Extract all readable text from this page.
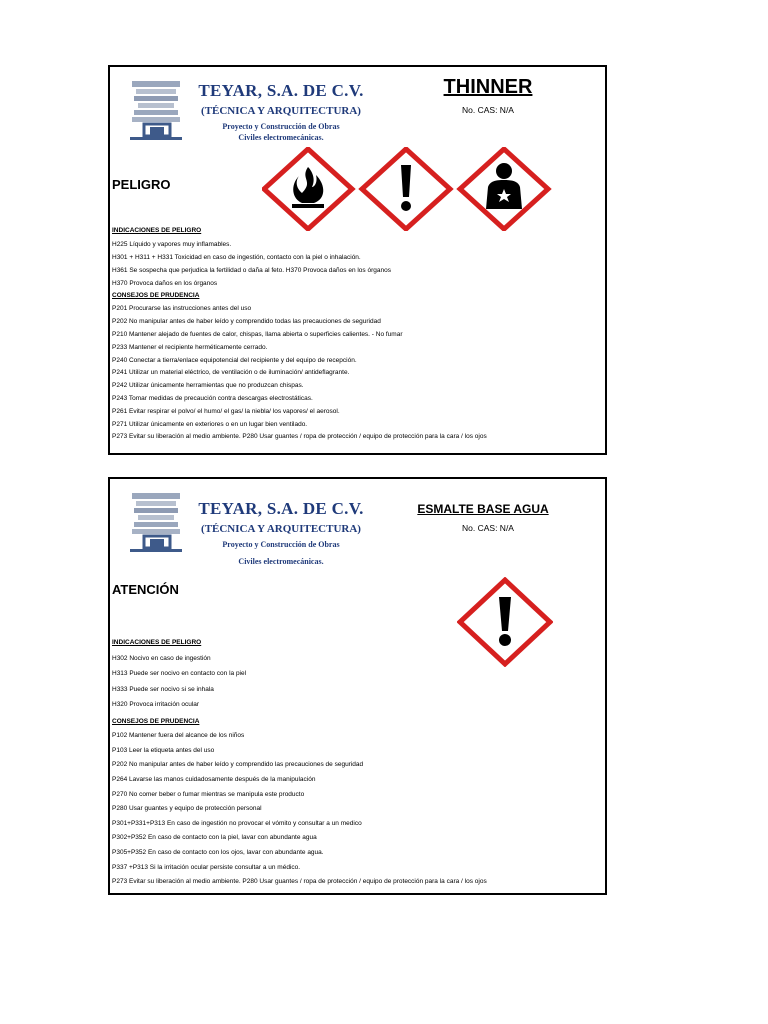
TEYAR, S.A. DE C.V.
(TÉCNICA Y ARQUITECTURA)
Proyecto y Construcción de Obras
Civiles electromecánicas.
THINNER
No. CAS: N/A
PELIGRO
INDICACIONES DE PELIGRO
H225 Líquido y vapores muy inflamables.
H301 + H311 + H331 Toxicidad en caso de ingestión, contacto con la piel o inhalación.
H361 Se sospecha que perjudica la fertilidad o daña al feto. H370 Provoca daños en los órganos
H370 Provoca daños en los órganos
CONSEJOS DE PRUDENCIA
P201 Procurarse las instrucciones antes del uso
P202 No manipular antes de haber leído y comprendido todas las precauciones de seguridad
P210 Mantener alejado de fuentes de calor, chispas, llama abierta o superficies calientes. - No fumar
P233 Mantener el recipiente herméticamente cerrado.
P240 Conectar a tierra/enlace equipotencial del recipiente y del equipo de recepción.
P241 Utilizar un material eléctrico, de ventilación o de iluminación/ antideflagrante.
P242 Utilizar únicamente herramientas que no produzcan chispas.
P243 Tomar medidas de precaución contra descargas electrostáticas.
P261 Evitar respirar el polvo/ el humo/ el gas/ la niebla/ los vapores/ el aerosol.
P271 Utilizar únicamente en exteriores o en un lugar bien ventilado.
P273 Evitar su liberación al medio ambiente. P280 Usar guantes / ropa de protección / equipo de protección para la cara / los ojos
TEYAR, S.A. DE C.V.
(TÉCNICA Y ARQUITECTURA)
Proyecto y Construcción de Obras
Civiles electromecánicas.
ESMALTE BASE AGUA
No. CAS: N/A
ATENCIÓN
INDICACIONES DE PELIGRO
H302 Nocivo en caso de ingestión
H313 Puede ser nocivo en contacto con la piel
H333 Puede ser nocivo si se inhala
H320 Provoca irritación ocular
CONSEJOS DE PRUDENCIA
P102 Mantener fuera del alcance de los niños
P103 Leer la etiqueta antes del uso
P202 No manipular antes de haber leído y comprendido las precauciones de seguridad
P264 Lavarse las manos cuidadosamente después de la manipulación
P270 No comer beber o fumar mientras se manipula este producto
P280 Usar guantes y equipo de protección personal
P301+P331+P313 En caso de ingestión no provocar el vómito y consultar a un medico
P302+P352 En caso de contacto con la piel, lavar con abundante agua
P305+P352 En caso de contacto con los ojos, lavar con abundante agua.
P337 +P313 Si la irritación ocular persiste consultar a un médico.
P273 Evitar su liberación al medio ambiente. P280 Usar guantes / ropa de protección / equipo de protección para la cara / los ojos
